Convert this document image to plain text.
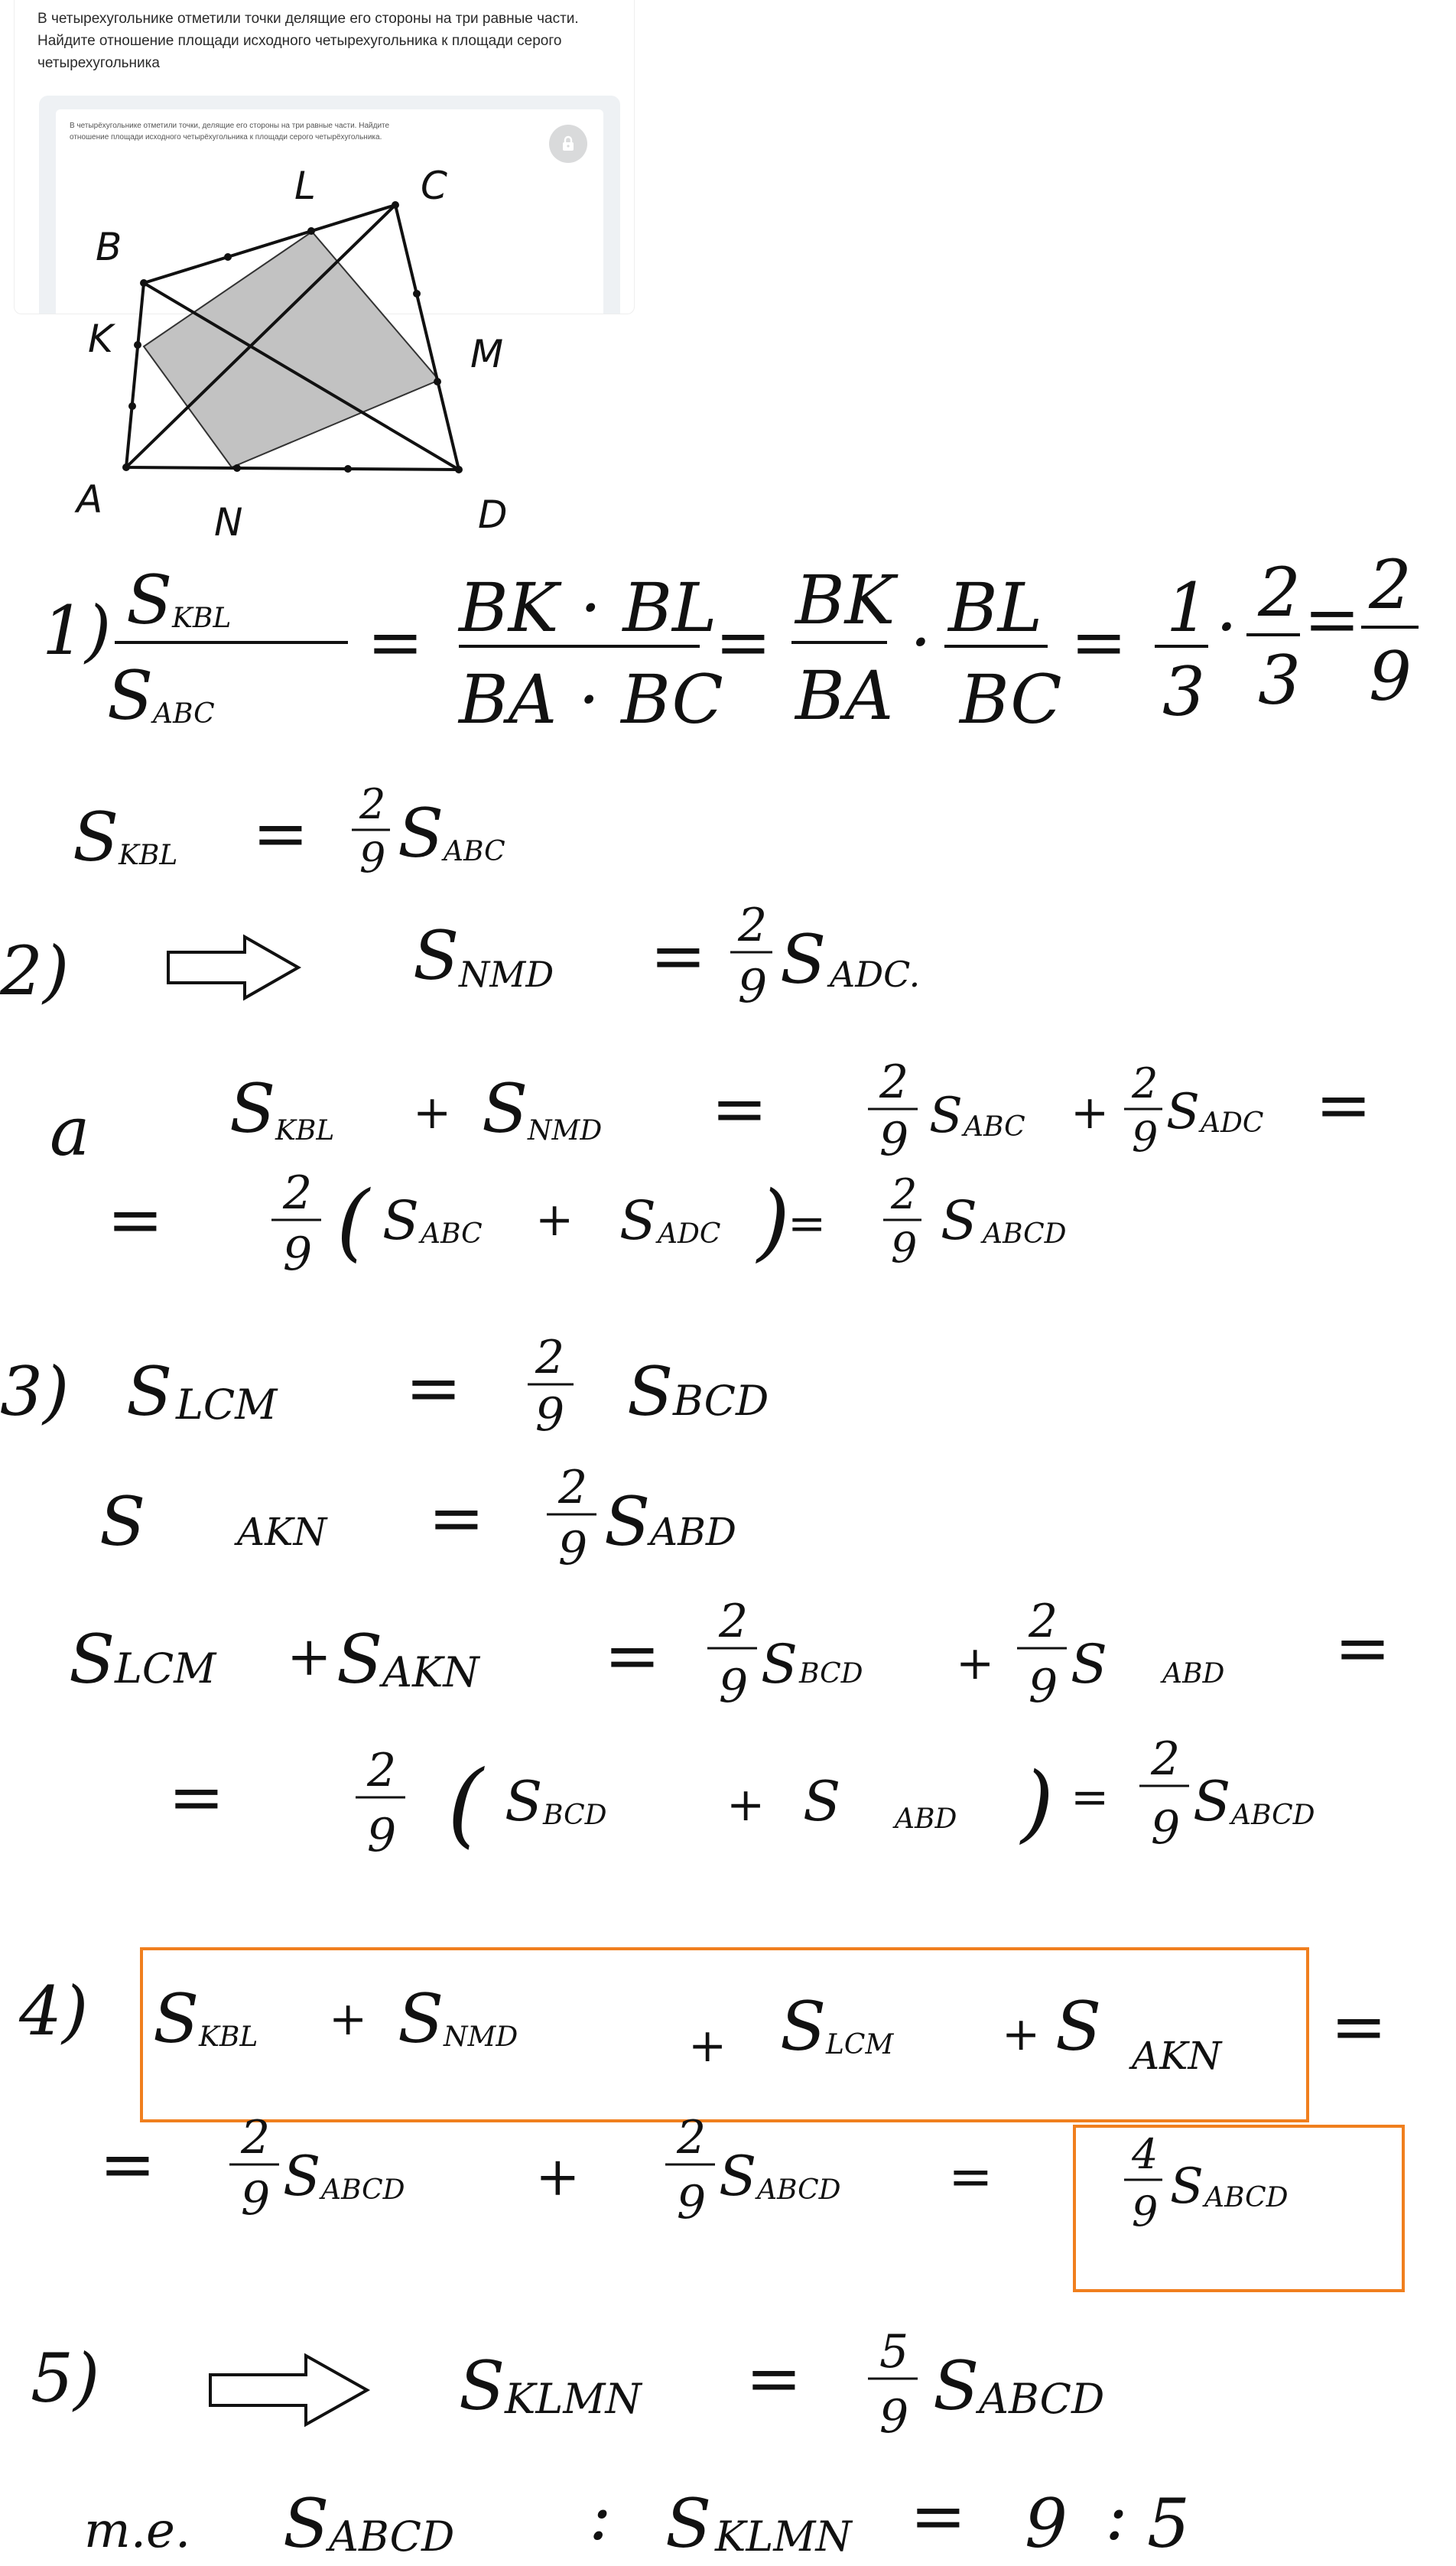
В четырехугольнике отметили точки делящие его стороны на три равные части. Найдите отношение площади исходного четырехугольника к площади серого четырехугольника

В четырёхугольнике отметили точки, делящие его стороны на три равные части. Найдите отношение площади исходного четырёхугольника к площади серого четырёхугольника.

B
L	C
K	M
A
N	D
1) S KBL
S ABC
= BK · BL
BA · BC
=
BK
BA
· BL
BC
= 1
3
· 2
3
= 2
9
S KBL = 2
9 S ABC
2)	S NMD = 2
9 S ADC.
a S KBL + S NMD = 2
9 S ABC +
2
9 S ADC =
=	2
9 ( S ABC + S ADC )
=
2
9 S ABCD
3) S LCM = 2
9 S BCD
S AKN = 2
9 S ABD
S LCM + S AKN = 2
9 S BCD +
2
9 S ABD =
=	2
9 ( S BCD	+ S ABD ) =
2
9 S ABCD
4) S KBL + S NMD	+ S LCM + S AKN =
= 2
9 S ABCD +
2
9 S ABCD =	4
9 S ABCD
5)	S KLMN = 5
9 S ABCD
m.e. S ABCD : S KLMN = 9 : 5
